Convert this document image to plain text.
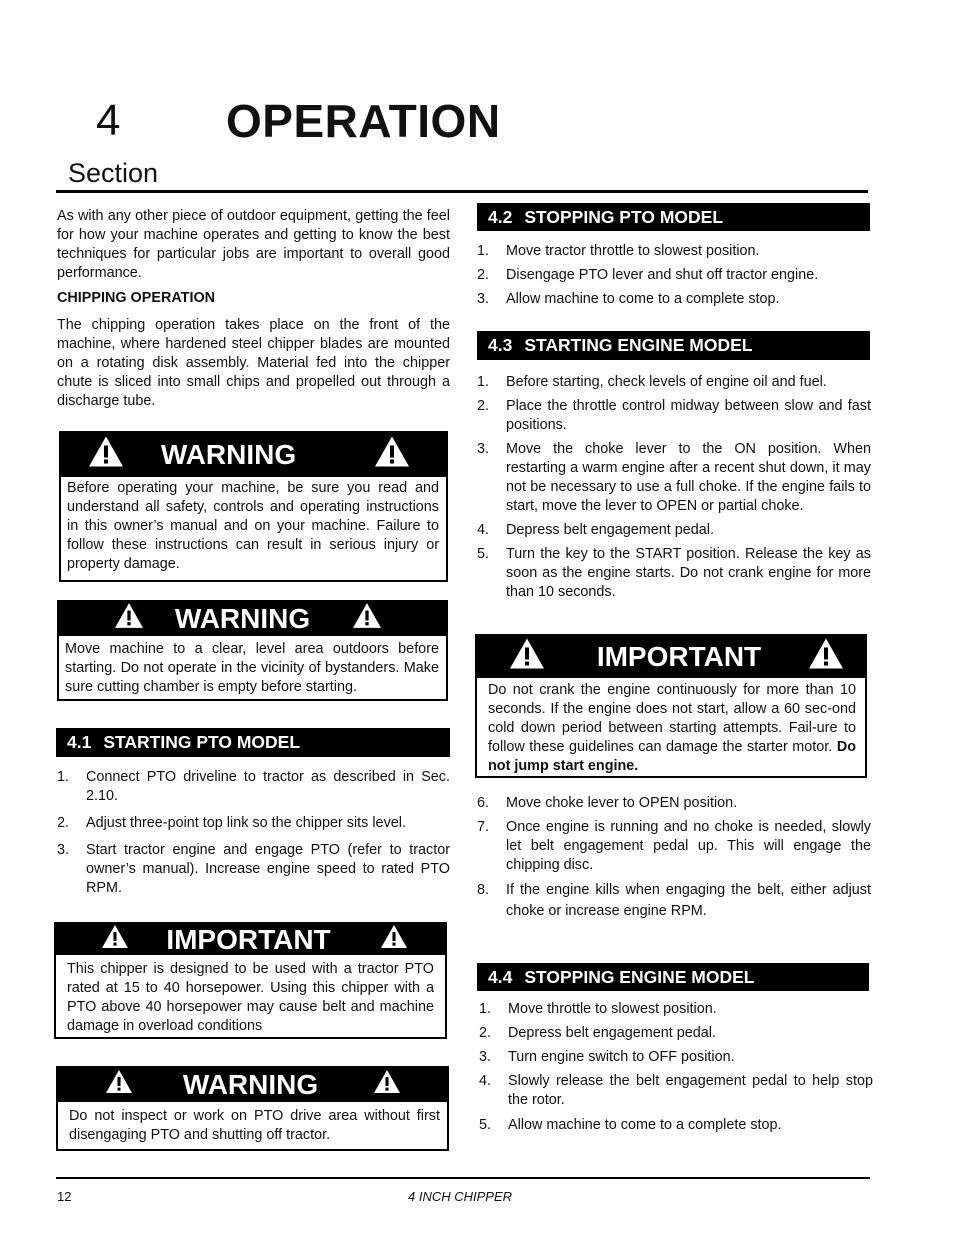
4 OPERATION
Section

As with any other piece of outdoor equipment, getting the feel for how your machine operates and getting to know the best techniques for particular jobs are important to overall good performance.

CHIPPING OPERATION

The chipping operation takes place on the front of the machine, where hardened steel chipper blades are mounted on a rotating disk assembly. Material fed into the chipper chute is sliced into small chips and propelled out through a discharge tube.

WARNING
Before operating your machine, be sure you read and understand all safety, controls and operating instructions in this owner’s manual and on your machine. Failure to follow these instructions can result in serious injury or property damage.
WARNING
Move machine to a clear, level area outdoors before starting. Do not operate in the vicinity of bystanders. Make sure cutting chamber is empty before starting.
4.1 STARTING PTO MODEL
1. Connect PTO driveline to tractor as described in Sec. 2.10.
2. Adjust three-point top link so the chipper sits level.
3. Start tractor engine and engage PTO (refer to tractor owner’s manual). Increase engine speed to rated PTO RPM.
IMPORTANT
This chipper is designed to be used with a tractor PTO rated at 15 to 40 horsepower. Using this chipper with a PTO above 40 horsepower may cause belt and machine damage in overload conditions
WARNING
Do not inspect or work on PTO drive area without first disengaging PTO and shutting off tractor.
4.2 STOPPING PTO MODEL
1. Move tractor throttle to slowest position.
2. Disengage PTO lever and shut off tractor engine.
3. Allow machine to come to a complete stop.
4.3 STARTING ENGINE MODEL
1. Before starting, check levels of engine oil and fuel.
2. Place the throttle control midway between slow and fast positions.
3. Move the choke lever to the ON position. When restarting a warm engine after a recent shut down, it may not be necessary to use a full choke. If the engine fails to start, move the lever to OPEN or partial choke.
4. Depress belt engagement pedal.
5. Turn the key to the START position. Release the key as soon as the engine starts. Do not crank engine for more than 10 seconds.
IMPORTANT
Do not crank the engine continuously for more than 10 seconds. If the engine does not start, allow a 60 sec-ond cold down period between starting attempts. Fail-ure to follow these guidelines can damage the starter motor. Do not jump start engine.
6. Move choke lever to OPEN position.
7. Once engine is running and no choke is needed, slowly let belt engagement pedal up. This will engage the chipping disc.
8. If the engine kills when engaging the belt, either adjust choke or increase engine RPM.
4.4 STOPPING ENGINE MODEL
1. Move throttle to slowest position.
2. Depress belt engagement pedal.
3. Turn engine switch to OFF position.
4. Slowly release the belt engagement pedal to help stop the rotor.
5. Allow machine to come to a complete stop.
12	4 INCH CHIPPER
